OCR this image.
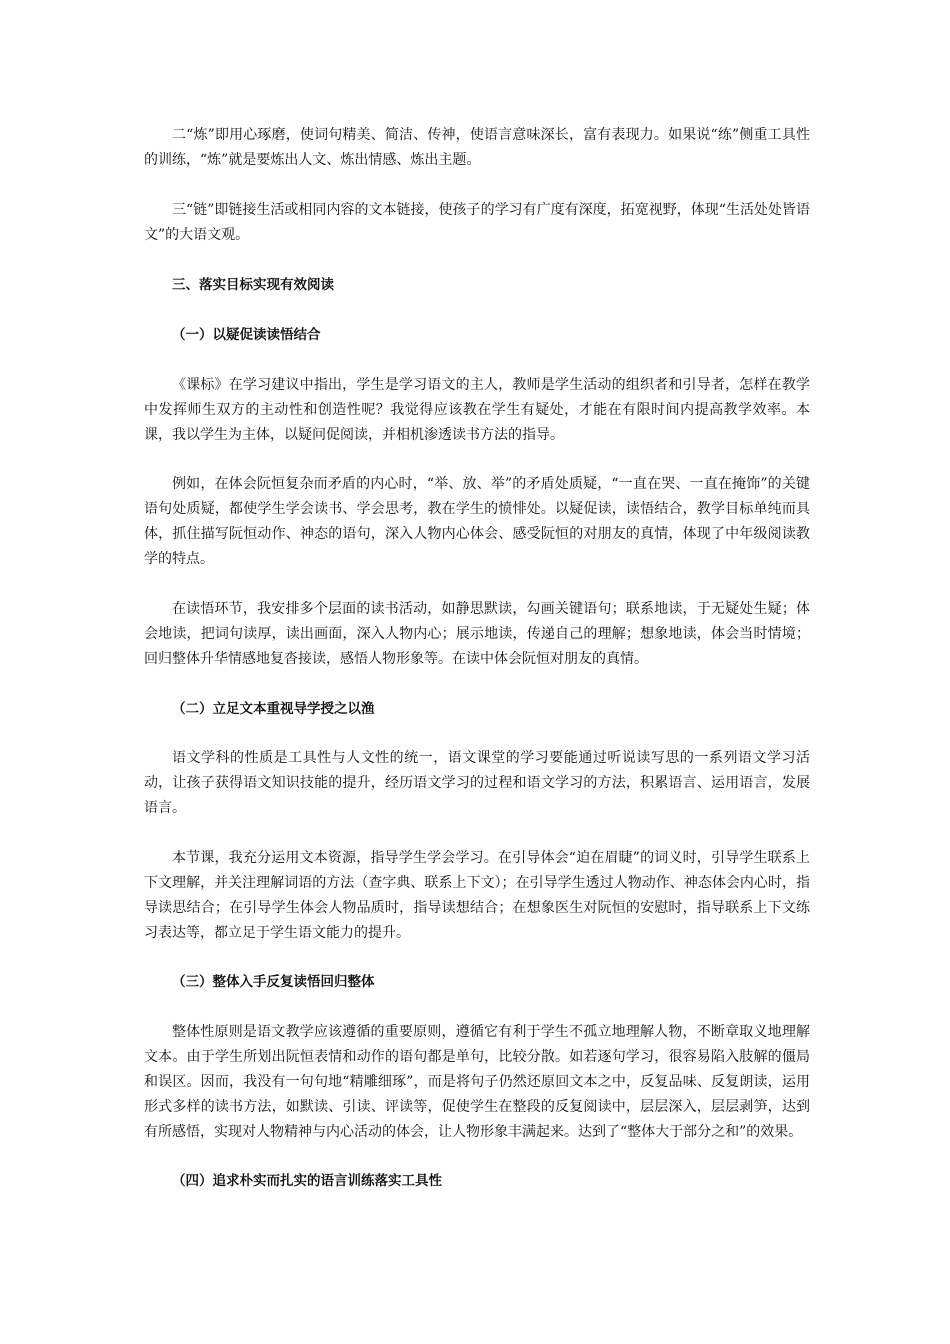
二“炼”即用心琢磨，使词句精美、简洁、传神，使语言意味深长，富有表现力。如果说“练”侧重工具性的训练，“炼”就是要炼出人文、炼出情感、炼出主题。

三“链”即链接生活或相同内容的文本链接，使孩子的学习有广度有深度，拓宽视野，体现“生活处处皆语文”的大语文观。

三、落实目标实现有效阅读

（一）以疑促读读悟结合

《课标》在学习建议中指出，学生是学习语文的主人，教师是学生活动的组织者和引导者，怎样在教学中发挥师生双方的主动性和创造性呢？我觉得应该教在学生有疑处，才能在有限时间内提高教学效率。本课，我以学生为主体，以疑问促阅读，并相机渗透读书方法的指导。

例如，在体会阮恒复杂而矛盾的内心时，“举、放、举”的矛盾处质疑，“一直在哭、一直在掩饰”的关键语句处质疑，都使学生学会读书、学会思考，教在学生的愤悱处。以疑促读，读悟结合，教学目标单纯而具体，抓住描写阮恒动作、神态的语句，深入人物内心体会、感受阮恒的对朋友的真情，体现了中年级阅读教学的特点。

在读悟环节，我安排多个层面的读书活动，如静思默读，勾画关键语句；联系地读，于无疑处生疑；体会地读，把词句读厚，读出画面，深入人物内心；展示地读，传递自己的理解；想象地读，体会当时情境；回归整体升华情感地复沓接读，感悟人物形象等。在读中体会阮恒对朋友的真情。

（二）立足文本重视导学授之以渔

语文学科的性质是工具性与人文性的统一，语文课堂的学习要能通过听说读写思的一系列语文学习活动，让孩子获得语文知识技能的提升，经历语文学习的过程和语文学习的方法，积累语言、运用语言，发展语言。

本节课，我充分运用文本资源，指导学生学会学习。在引导体会“迫在眉睫”的词义时，引导学生联系上下文理解，并关注理解词语的方法（查字典、联系上下文）；在引导学生透过人物动作、神态体会内心时，指导读思结合；在引导学生体会人物品质时，指导读想结合；在想象医生对阮恒的安慰时，指导联系上下文练习表达等，都立足于学生语文能力的提升。

（三）整体入手反复读悟回归整体

整体性原则是语文教学应该遵循的重要原则，遵循它有利于学生不孤立地理解人物，不断章取义地理解文本。由于学生所划出阮恒表情和动作的语句都是单句，比较分散。如若逐句学习，很容易陷入肢解的僵局和误区。因而，我没有一句句地“精雕细琢”，而是将句子仍然还原回文本之中，反复品味、反复朗读，运用形式多样的读书方法，如默读、引读、评读等，促使学生在整段的反复阅读中，层层深入，层层剥笋，达到有所感悟，实现对人物精神与内心活动的体会，让人物形象丰满起来。达到了“整体大于部分之和”的效果。

（四）追求朴实而扎实的语言训练落实工具性
